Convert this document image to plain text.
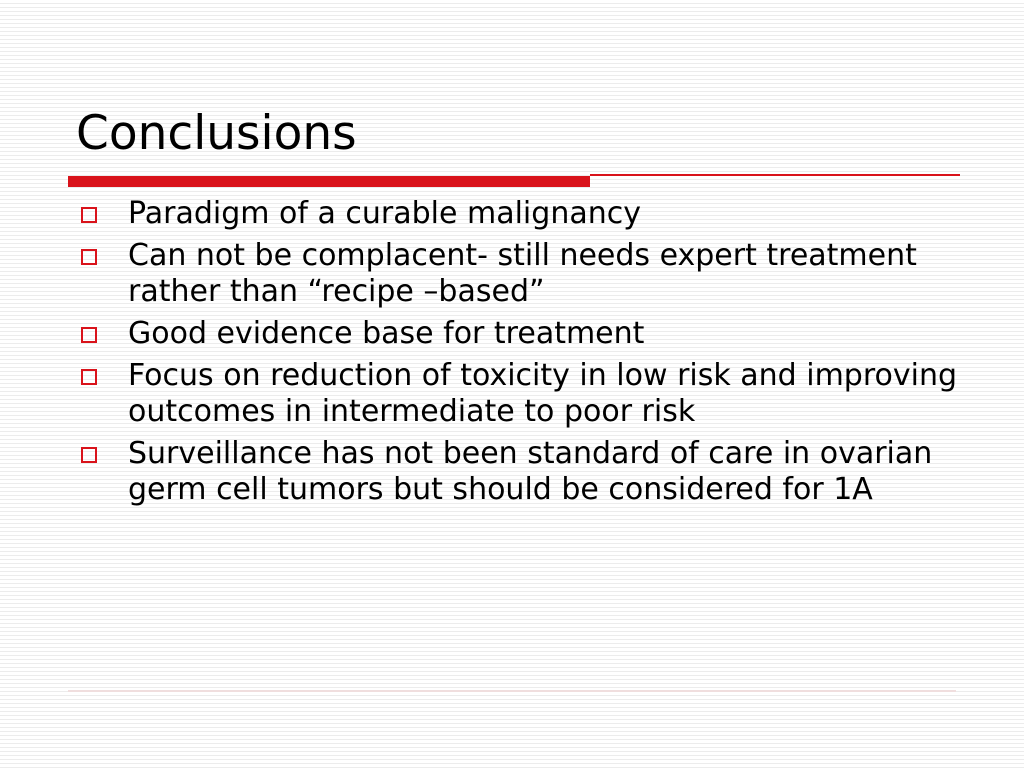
Conclusions
Paradigm of a curable malignancy
Can not be complacent- still needs expert treatment rather than “recipe –based”
Good evidence base for treatment
Focus on reduction of toxicity in low risk and improving outcomes in intermediate to poor risk
Surveillance has not been standard of care in ovarian germ cell tumors but should be considered for 1A
